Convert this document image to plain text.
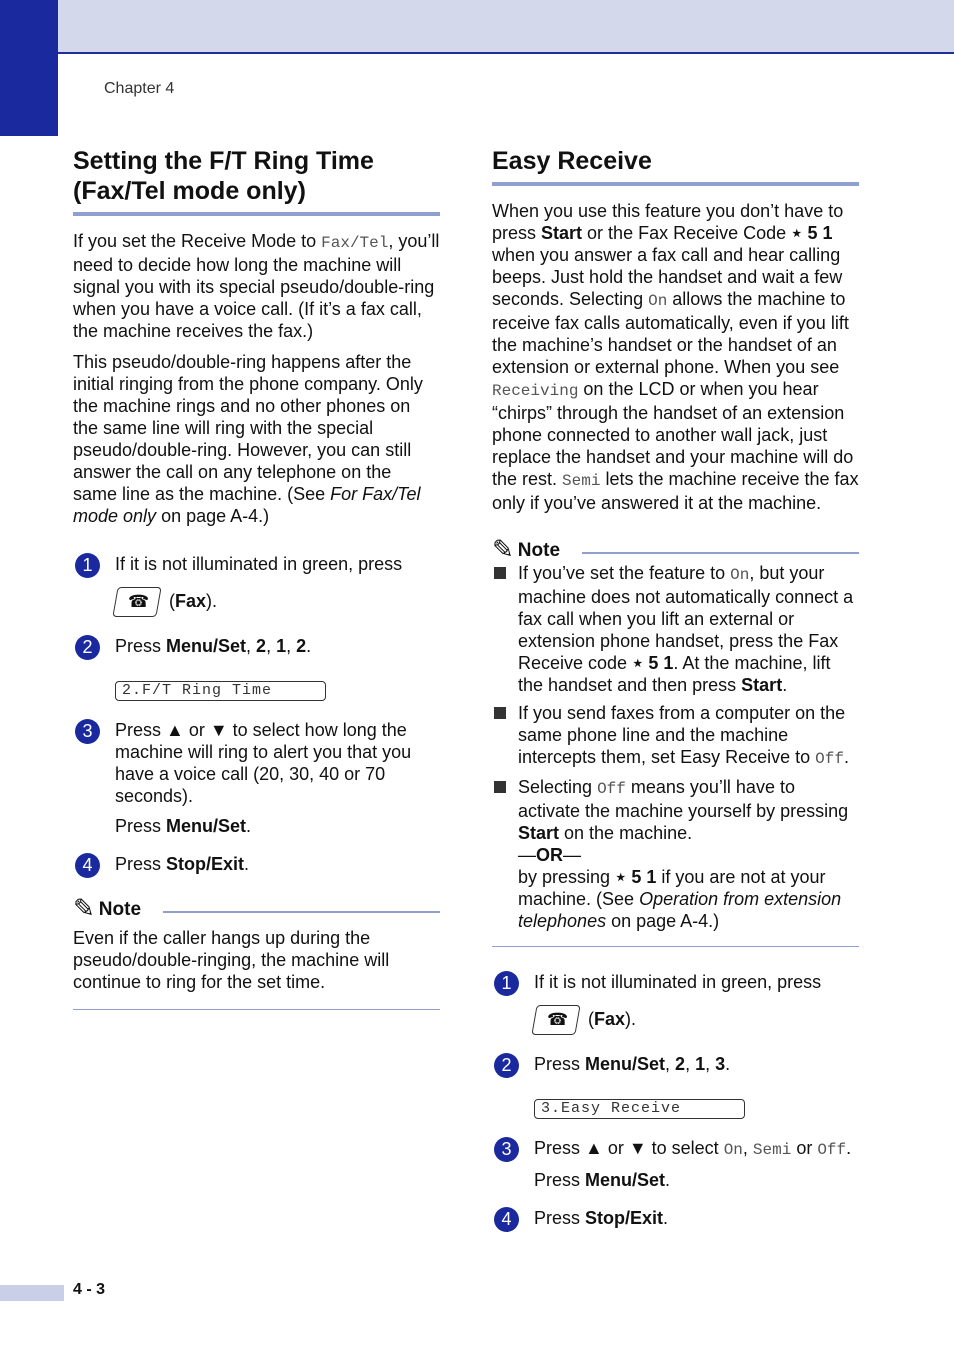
Chapter 4
Setting the F/T Ring Time
(Fax/Tel mode only)

If you set the Receive Mode to Fax/Tel, you’ll need to decide how long the machine will signal you with its special pseudo/double-ring when you have a voice call. (If it’s a fax call, the machine receives the fax.)

This pseudo/double-ring happens after the initial ringing from the phone company. Only the machine rings and no other phones on the same line will ring with the special pseudo/double-ring. However, you can still answer the call on any telephone on the same line as the machine. (See For Fax/Tel mode only on page A-4.)

1	If it is not illuminated in green, press
☎ (Fax).
2	Press Menu/Set, 2, 1, 2.
2.F/T Ring Time
3	Press ▲ or ▼ to select how long the machine will ring to alert you that you have a voice call (20, 30, 40 or 70 seconds).
Press Menu/Set.
4	Press Stop/Exit.
✎ Note

Even if the caller hangs up during the pseudo/double-ringing, the machine will continue to ring for the set time.

Easy Receive

When you use this feature you don’t have to press Start or the Fax Receive Code ⋆ 5 1 when you answer a fax call and hear calling beeps. Just hold the handset and wait a few seconds. Selecting On allows the machine to receive fax calls automatically, even if you lift the machine’s handset or the handset of an extension or external phone. When you see Receiving on the LCD or when you hear “chirps” through the handset of an extension phone connected to another wall jack, just replace the handset and your machine will do the rest. Semi lets the machine receive the fax only if you’ve answered it at the machine.

✎ Note
If you’ve set the feature to On, but your machine does not automatically connect a fax call when you lift an external or extension phone handset, press the Fax Receive code ⋆ 5 1. At the machine, lift the handset and then press Start.
If you send faxes from a computer on the same phone line and the machine intercepts them, set Easy Receive to Off.
Selecting Off means you’ll have to activate the machine yourself by pressing Start on the machine.
—OR—
by pressing ⋆ 5 1 if you are not at your machine. (See Operation from extension telephones on page A-4.)
1	If it is not illuminated in green, press
☎ (Fax).
2	Press Menu/Set, 2, 1, 3.
3.Easy Receive
3	Press ▲ or ▼ to select On, Semi or Off.
Press Menu/Set.
4	Press Stop/Exit.
4 - 3
